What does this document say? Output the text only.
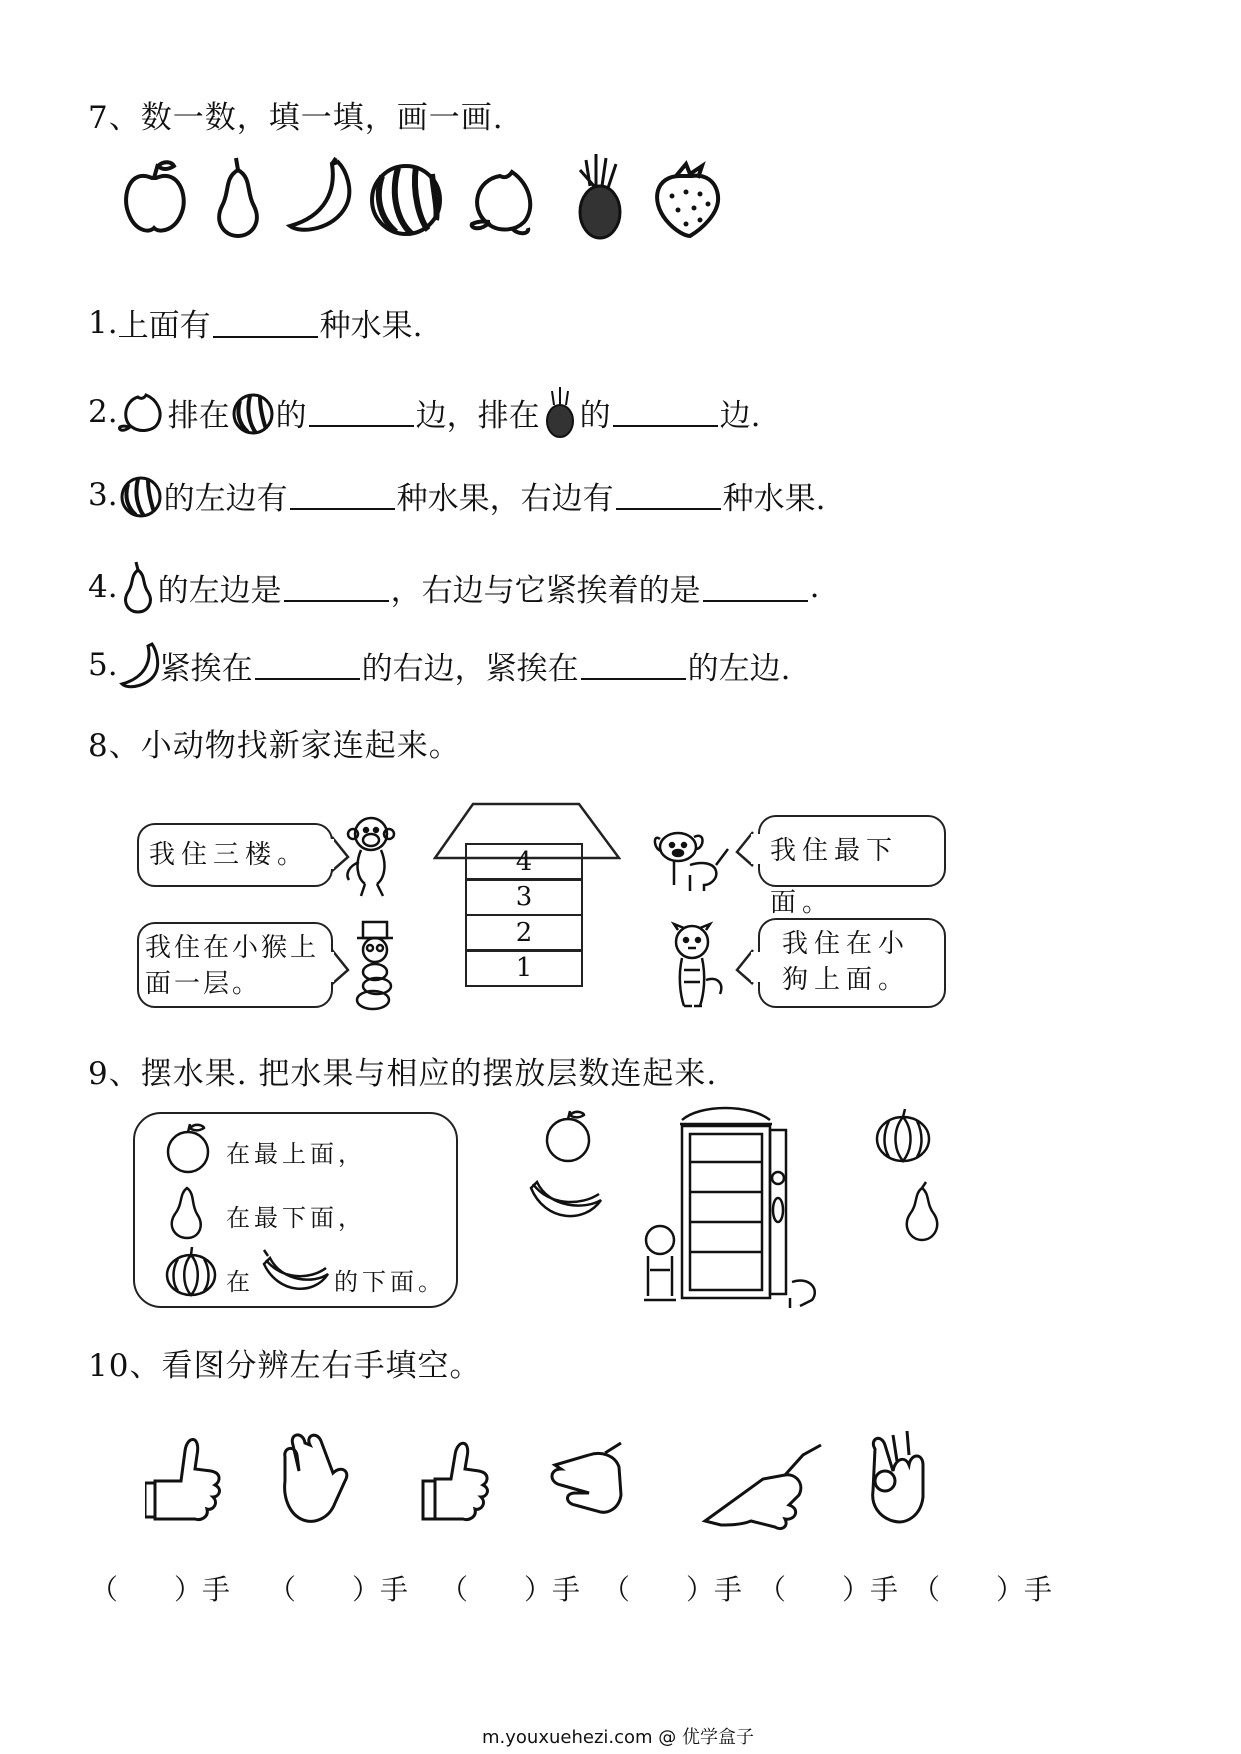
7、数一数，填一填，画一画.
1. 上面有	种水果.
2. 排在 的	边，排在 的	边.
3. 的左边有	种水果，右边有	种水果.
4. 的左边是	，右边与它紧挨着的是	.
5. 紧挨在	的右边，紧挨在	的左边.
8、小动物找新家连起来。
我住三楼。
我住在小猴上面一层。
4
3
2
1
我住最下面。
我住在小狗上面。
9、摆水果. 把水果与相应的摆放层数连起来.
在最上面，
在最下面，
在	的下面。
10、看图分辨左右手填空。
（　　）手 （　　）手 （　　）手 （　　）手 （　　）手 （　　）手
m.youxuehezi.com @ 优学盒子
